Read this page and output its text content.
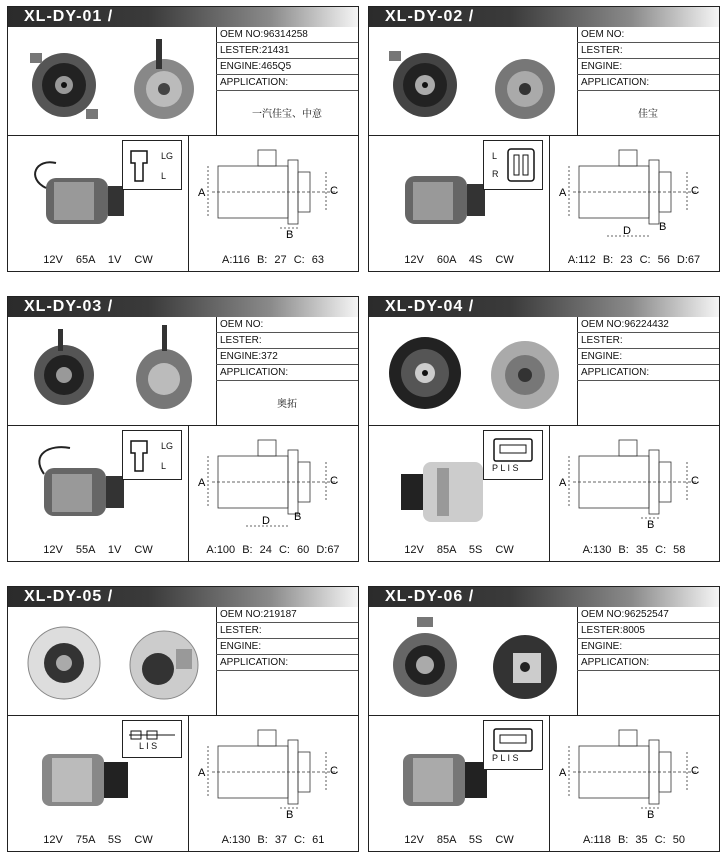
XL-DY-01 /
OEM NO:96314258
LESTER:21431
ENGINE:465Q5
APPLICATION:
一汽佳宝、中意
LG
L
12V 65A 1V CW
A	C
B
A:116 B: 27 C: 63
XL-DY-02 /
OEM NO:
LESTER:
ENGINE:
APPLICATION:
佳宝
L
R
12V 60A 4S CW
A	C
B
D
A:112 B: 23 C: 56 D:67
XL-DY-03 /
OEM NO:
LESTER:
ENGINE:372
APPLICATION:
奥拓
LG
L
12V 55A 1V CW
A	C
B
D
A:100 B: 24 C: 60 D:67
XL-DY-04 /
OEM NO:96224432
LESTER:
ENGINE:
APPLICATION:
P L I S
12V 85A 5S CW
A	C
B
A:130 B: 35 C: 58
XL-DY-05 /
OEM NO:219187
LESTER:
ENGINE:
APPLICATION:
L I S
12V 75A 5S CW
A	C
B
A:130 B: 37 C: 61
XL-DY-06 /
OEM NO:96252547
LESTER:8005
ENGINE:
APPLICATION:
P L I S
12V 85A 5S CW
A	C
B
A:118 B: 35 C: 50
